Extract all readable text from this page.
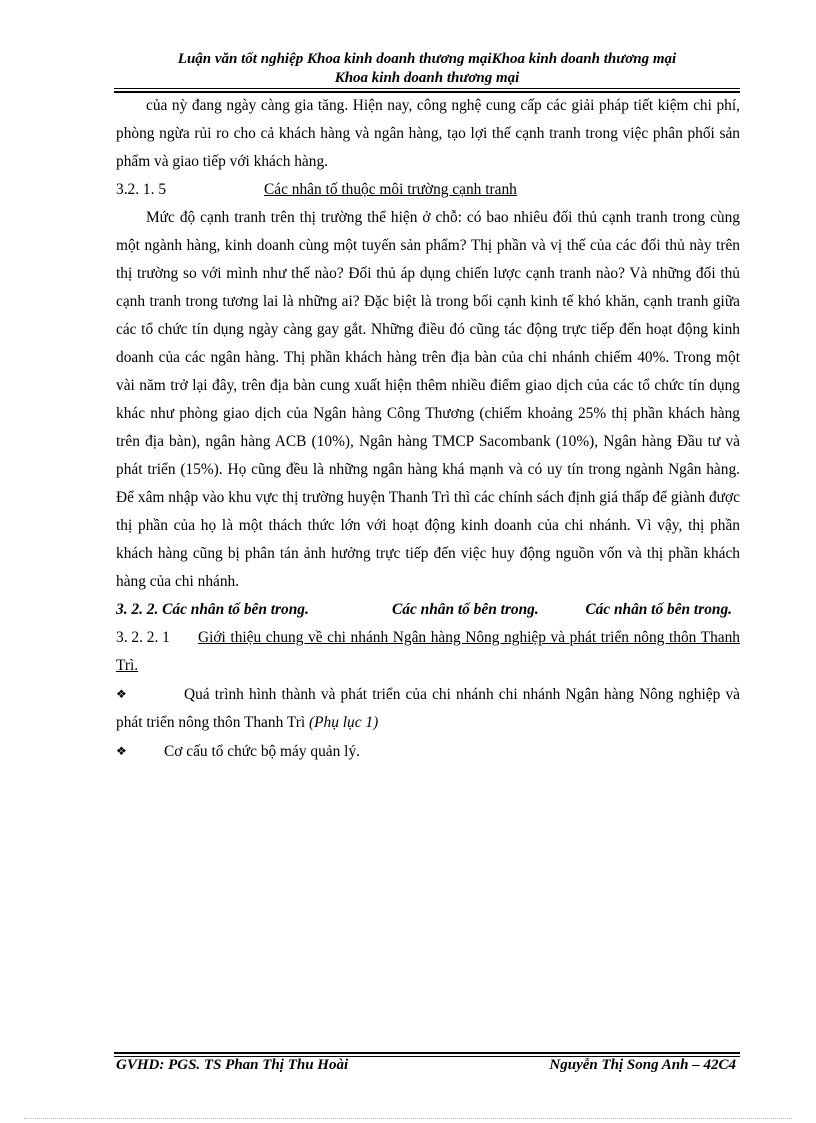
Luận văn tốt nghiệp Khoa kinh doanh thương mạiKhoa kinh doanh thương mại
Khoa kinh doanh thương mại

của nỳ đang ngày càng gia tăng. Hiện nay, công nghệ cung cấp các giải pháp tiết kiệm chi phí, phòng ngừa rủi ro cho cả khách hàng và ngân hàng, tạo lợi thế cạnh tranh trong việc phân phối sản phẩm và giao tiếp với khách hàng.

3.2. 1. 5	Các nhân tố thuộc môi trường cạnh tranh

Mức độ cạnh tranh trên thị trường thể hiện ở chỗ: có bao nhiêu đối thủ cạnh tranh trong cùng một ngành hàng, kinh doanh cùng một tuyến sản phẩm? Thị phần và vị thế của các đối thủ này trên thị trường so với mình như thế nào? Đối thủ áp dụng chiến lược cạnh tranh nào? Và những đối thủ cạnh tranh trong tương lai là những ai? Đặc biệt là trong bối cạnh kinh tế khó khăn, cạnh tranh giữa các tổ chức tín dụng ngày càng gay gắt. Những điều đó cũng tác động trực tiếp đến hoạt động kinh doanh của các ngân hàng. Thị phần khách hàng trên địa bàn của chi nhánh chiếm 40%. Trong một vài năm trở lại đây, trên địa bàn cung xuất hiện thêm nhiều điểm giao dịch của các tổ chức tín dụng khác như phòng giao dịch của Ngân hàng Công Thương (chiếm khoảng 25% thị phần khách hàng trên địa bàn), ngân hàng ACB (10%), Ngân hàng TMCP Sacombank (10%), Ngân hàng Đầu tư và phát triển (15%). Họ cũng đều là những ngân hàng khá mạnh và có uy tín trong ngành Ngân hàng. Để xâm nhập vào khu vực thị trường huyện Thanh Trì thì các chính sách định giá thấp để giành được thị phần của họ là một thách thức lớn với hoạt động kinh doanh của chi nhánh. Vì vậy, thị phần khách hàng cũng bị phân tán ảnh hưởng trực tiếp đến việc huy động nguồn vốn và thị phần khách hàng của chi nhánh.

3. 2. 2. Các nhân tố bên trong.	Các nhân tố bên trong.	Các nhân tố bên trong.
3. 2. 2. 1 Giới thiệu chung về chi nhánh Ngân hàng Nông nghiệp và phát triển nông thôn Thanh Trì.
❖	Quá trình hình thành và phát triển của chi nhánh chi nhánh Ngân hàng Nông nghiệp và phát triển nông thôn Thanh Trì (Phụ lục 1)
❖ Cơ cấu tổ chức bộ máy quản lý.
GVHD: PGS. TS Phan Thị Thu Hoài	Nguyễn Thị Song Anh – 42C4
